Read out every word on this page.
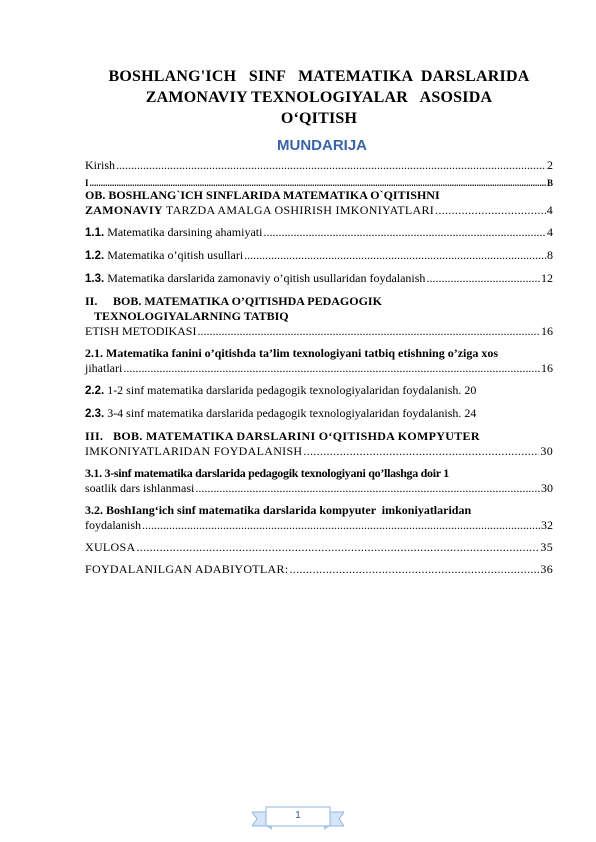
BOSHLANG'ICH   SINF   MATEMATIKA  DARSLARIDA
ZAMONAVIY TEXNOLOGIYALAR   ASOSIDA
O‘QITISH
MUNDARIJA
Kirish .....	2
I .....	B
OB. BOSHLANG`ICH SINFLARIDA MATEMATIKA O`QITISHNI
ZAMONAVIY TARZDA AMALGA OSHIRISH IMKONIYATLARI .....	4
1.1. Matematika darsining ahamiyati .....	4
1.2. Matematika o’qitish usullari .....	8
1.3. Matematika darslarida zamonaviy o’qitish usullaridan foydalanish .....	12
II. BOB. MATEMATIKA O’QITISHDA PEDAGOGIK
TEXNOLOGIYALARNING TATBIQ
ETISH METODIKASI .....	16
2.1. Matematika fanini o’qitishda ta’lim texnologiyani tatbiq etishning o’ziga xos
jihatlari .....	16
2.2. 1-2 sinf matematika darslarida pedagogik texnologiyalaridan foydalanish. 20
2.3. 3-4 sinf matematika darslarida pedagogik texnologiyalaridan foydalanish. 24
III.   BOB. MATEMATIKA DARSLARINI O‘QITISHDA KOMPYUTER
IMKONIYATLARIDAN FOYDALANISH .....	30
3.1. 3-sinf matematika darslarida pedagogik texnologiyani qo’llashga doir 1
soatlik dars ishlanmasi .....	30
3.2. BoshIang‘ich sinf matematika darslarida kompyuter  imkoniyatlaridan
foydalanish .....	32
XULOSA .....	35
FOYDALANILGAN ADABIYOTLAR: .....	36
1
